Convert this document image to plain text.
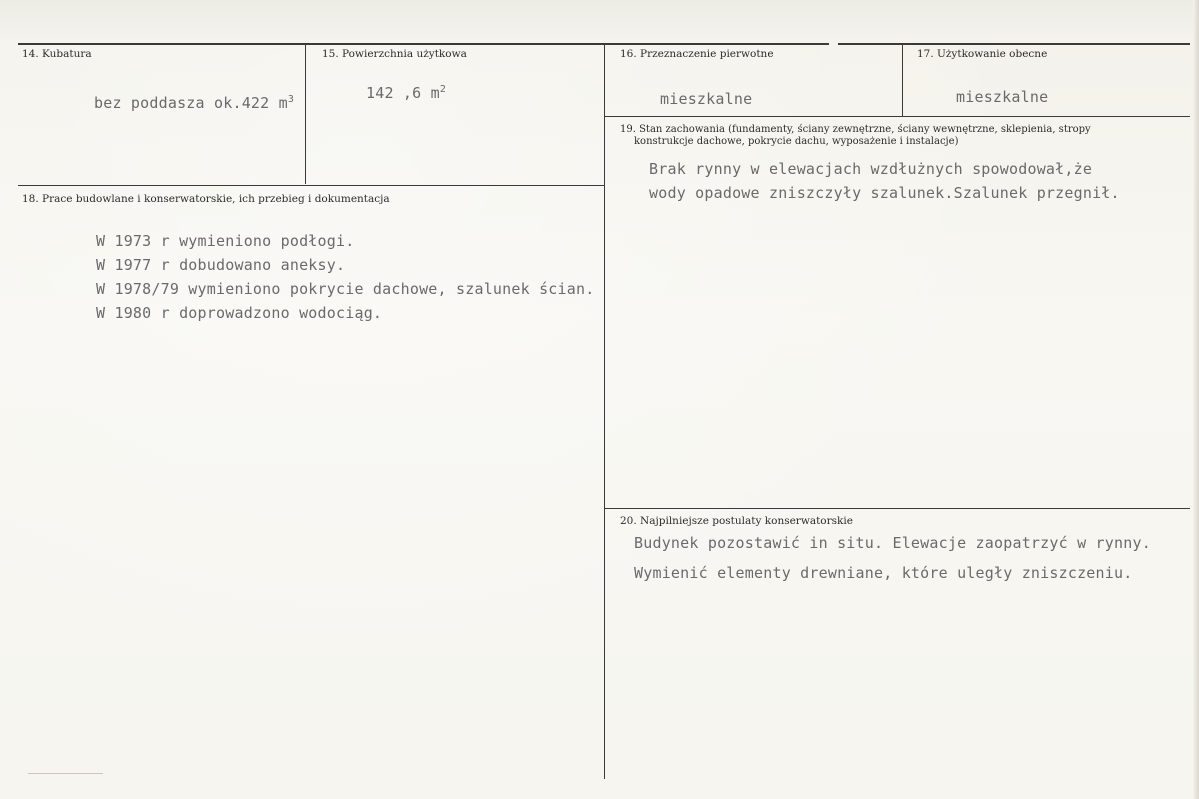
14. Kubatura
bez poddasza ok.422 $m^3$
15. Powierzchnia użytkowa
142 ,6 $m^2$
16. Przeznaczenie pierwotne
mieszkalne
17. Użytkowanie obecne
mieszkalne
18. Prace budowlane i konserwatorskie, ich przebieg i dokumentacja
W 1973 r wymieniono podłogi.
W 1977 r dobudowano aneksy.
W 1978/79 wymieniono pokrycie dachowe, szalunek ścian.
W 1980 r doprowadzono wodociąg.
19. Stan zachowania (fundamenty, ściany zewnętrzne, ściany wewnętrzne, sklepienia, stropy
konstrukcje dachowe, pokrycie dachu, wyposażenie i instalacje)
Brak rynny w elewacjach wzdłużnych spowodował,że
wody opadowe zniszczyły szalunek.Szalunek przegnił.
20. Najpilniejsze postulaty konserwatorskie
Budynek pozostawić in situ. Elewacje zaopatrzyć w rynny.
Wymienić elementy drewniane, które uległy zniszczeniu.
